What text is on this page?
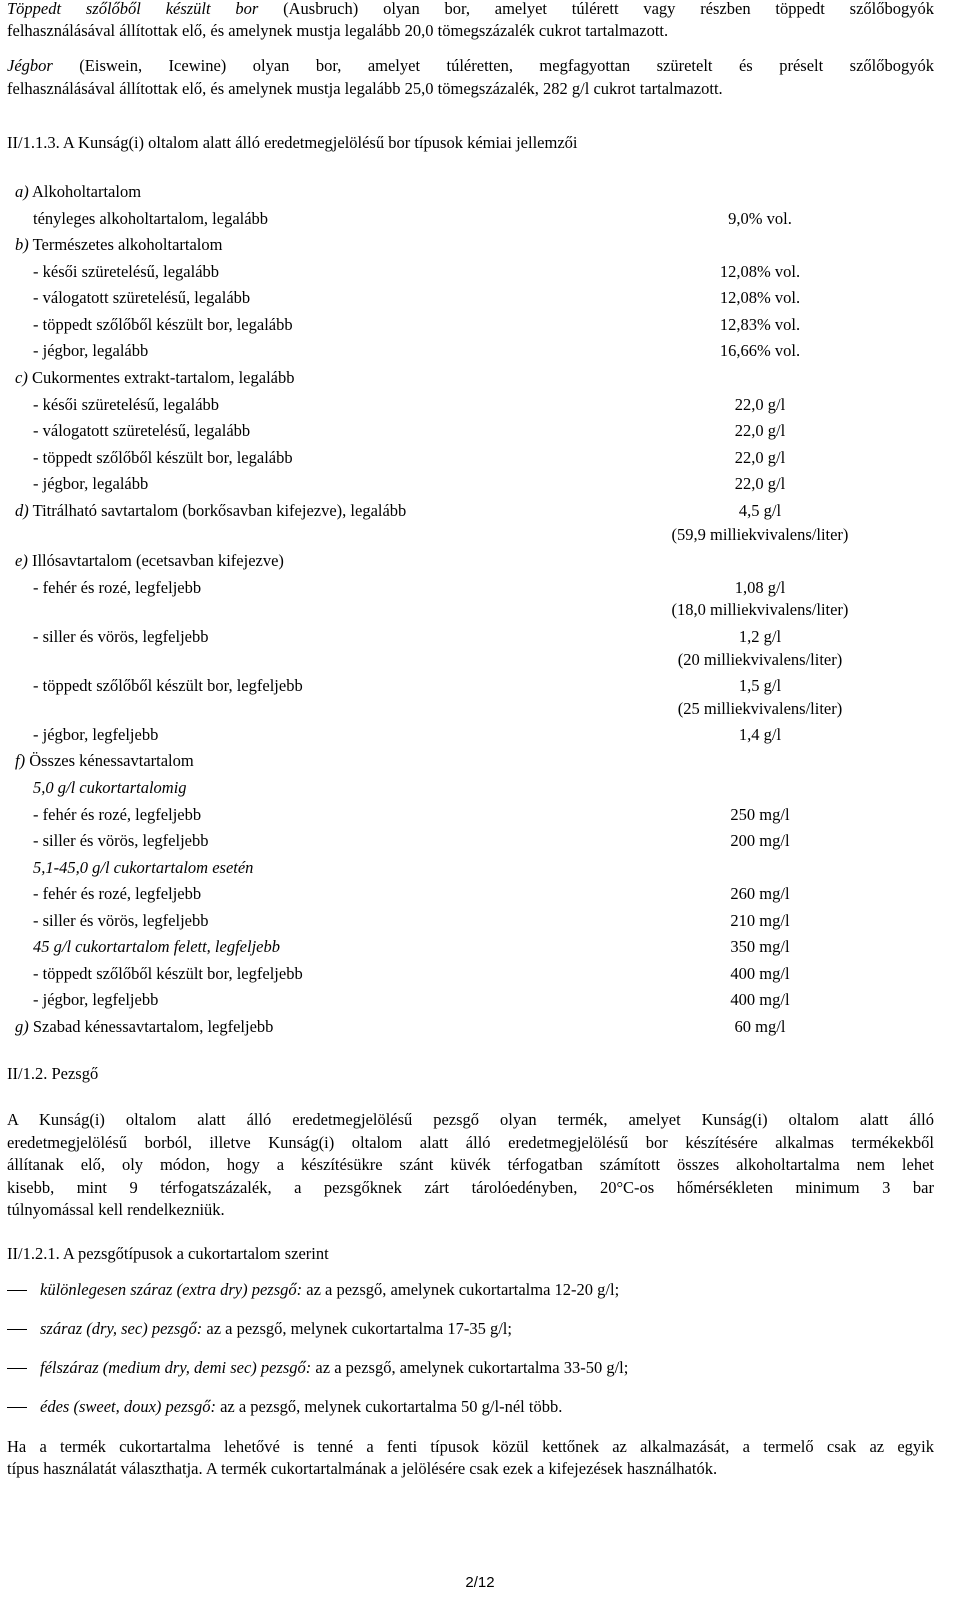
Töppedt szőlőből készült bor (Ausbruch) olyan bor, amelyet túlérett vagy részben töppedt szőlőbogyók
felhasználásával állítottak elő, és amelynek mustja legalább 20,0 tömegszázalék cukrot tartalmazott.
Jégbor (Eiswein, Icewine) olyan bor, amelyet túléretten, megfagyottan szüretelt és préselt szőlőbogyók
felhasználásával állítottak elő, és amelynek mustja legalább 25,0 tömegszázalék, 282 g/l cukrot tartalmazott.
II/1.1.3. A Kunság(i) oltalom alatt álló eredetmegjelölésű bor típusok kémiai jellemzői
a) Alkoholtartalom
tényleges alkoholtartalom, legalább	9,0% vol.
b) Természetes alkoholtartalom
- késői szüretelésű, legalább	12,08% vol.
- válogatott szüretelésű, legalább	12,08% vol.
- töppedt szőlőből készült bor, legalább	12,83% vol.
- jégbor, legalább	16,66% vol.
c) Cukormentes extrakt-tartalom, legalább
- késői szüretelésű, legalább	22,0 g/l
- válogatott szüretelésű, legalább	22,0 g/l
- töppedt szőlőből készült bor, legalább	22,0 g/l
- jégbor, legalább	22,0 g/l
d) Titrálható savtartalom (borkősavban kifejezve), legalább	4,5 g/l
(59,9 milliekvivalens/liter)
e) Illósavtartalom (ecetsavban kifejezve)
- fehér és rozé, legfeljebb	1,08 g/l
(18,0 milliekvivalens/liter)
- siller és vörös, legfeljebb	1,2 g/l
(20 milliekvivalens/liter)
- töppedt szőlőből készült bor, legfeljebb	1,5 g/l
(25 milliekvivalens/liter)
- jégbor, legfeljebb	1,4 g/l
f) Összes kénessavtartalom
5,0 g/l cukortartalomig
- fehér és rozé, legfeljebb	250 mg/l
- siller és vörös, legfeljebb	200 mg/l
5,1-45,0 g/l cukortartalom esetén
- fehér és rozé, legfeljebb	260 mg/l
- siller és vörös, legfeljebb	210 mg/l
45 g/l cukortartalom felett, legfeljebb	350 mg/l
- töppedt szőlőből készült bor, legfeljebb	400 mg/l
- jégbor, legfeljebb	400 mg/l
g) Szabad kénessavtartalom, legfeljebb	60 mg/l
II/1.2. Pezsgő
A Kunság(i) oltalom alatt álló eredetmegjelölésű pezsgő olyan termék, amelyet Kunság(i) oltalom alatt álló
eredetmegjelölésű borból, illetve Kunság(i) oltalom alatt álló eredetmegjelölésű bor készítésére alkalmas termékekből
állítanak elő, oly módon, hogy a készítésükre szánt küvék térfogatban számított összes alkoholtartalma nem lehet
kisebb, mint 9 térfogatszázalék, a pezsgőknek zárt tárolóedényben, 20°C-os hőmérsékleten minimum 3 bar
túlnyomással kell rendelkezniük.
II/1.2.1. A pezsgőtípusok a cukortartalom szerint
különlegesen száraz (extra dry) pezsgő: az a pezsgő, amelynek cukortartalma 12-20 g/l;
száraz (dry, sec) pezsgő: az a pezsgő, melynek cukortartalma 17-35 g/l;
félszáraz (medium dry, demi sec) pezsgő: az a pezsgő, amelynek cukortartalma 33-50 g/l;
édes (sweet, doux) pezsgő: az a pezsgő, melynek cukortartalma 50 g/l-nél több.
Ha a termék cukortartalma lehetővé is tenné a fenti típusok közül kettőnek az alkalmazását, a termelő csak az egyik
típus használatát választhatja. A termék cukortartalmának a jelölésére csak ezek a kifejezések használhatók.
2/12
